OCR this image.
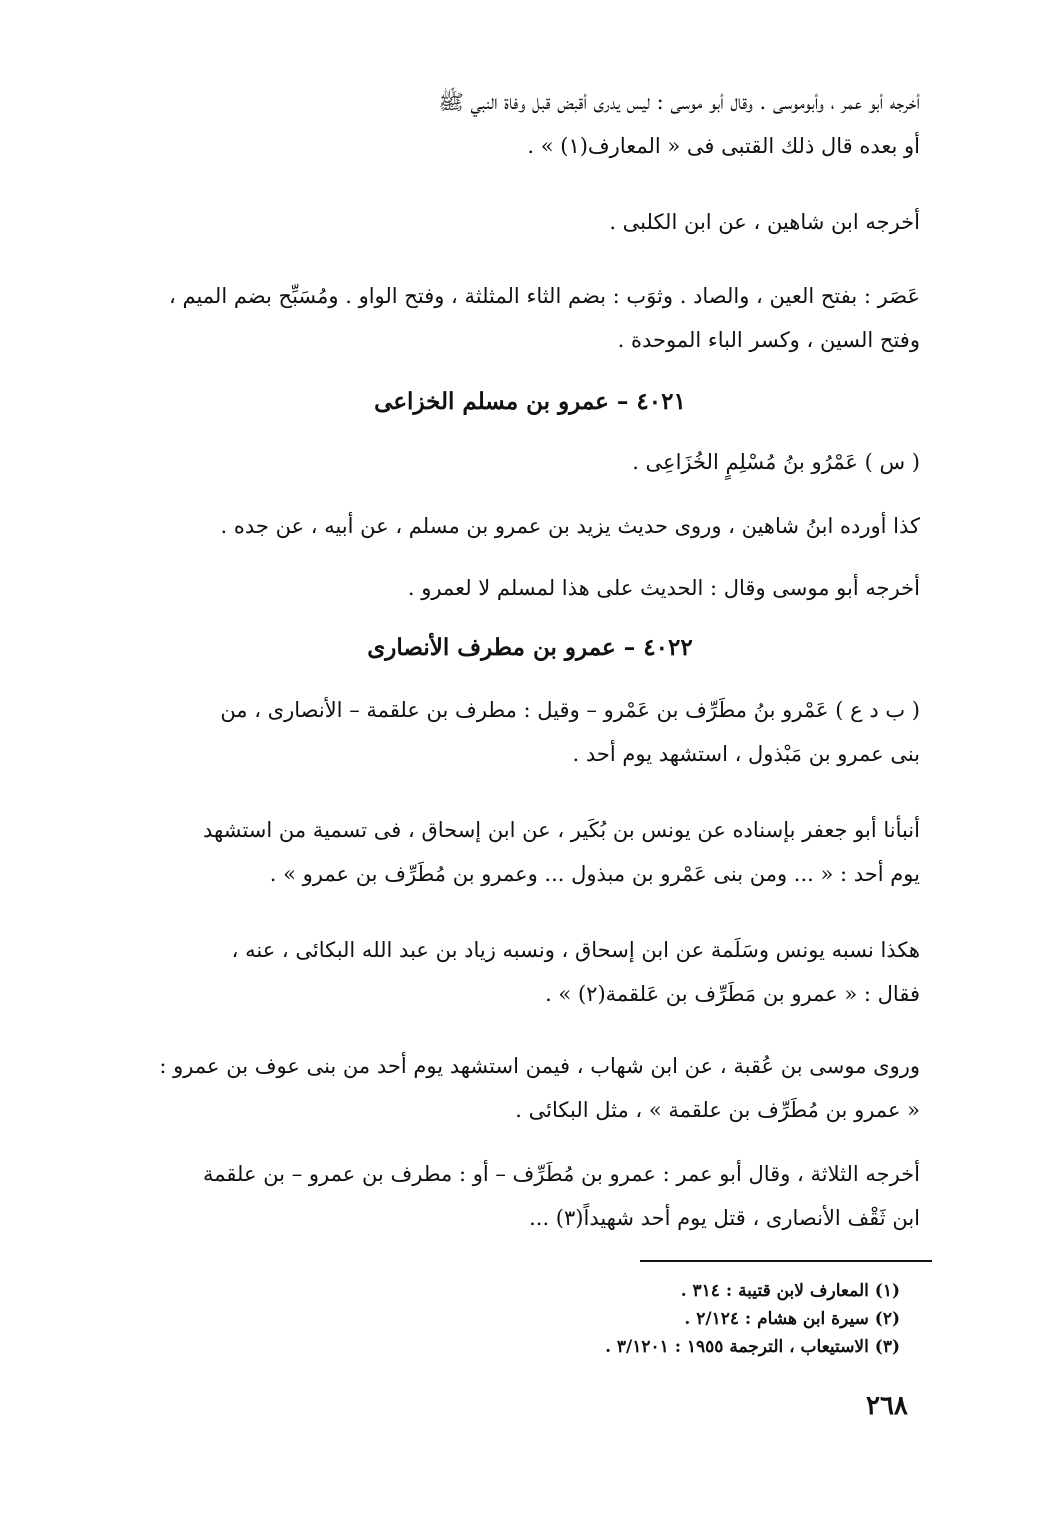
أخرجه أبو عمر ، وأبوموسى . وقال أبو موسى : ليس يدرى أقبض قبل وفاة النبي ﷺ
أو بعده قال ذلك القتبى فى « المعارف(١) » .
أخرجه ابن شاهين ، عن ابن الكلبى .
عَصَر : بفتح العين ، والصاد . وثوَب : بضم الثاء المثلثة ، وفتح الواو . ومُسَبِّح بضم الميم ،
وفتح السين ، وكسر الباء الموحدة .
٤٠٢١ – عمرو بن مسلم الخزاعى
( س ) عَمْرُو بنُ مُسْلِمٍ الخُزَاعِى .
كذا أورده ابنُ شاهين ، وروى حديث يزيد بن عمرو بن مسلم ، عن أبيه ، عن جده .
أخرجه أبو موسى وقال : الحديث على هذا لمسلم لا لعمرو .
٤٠٢٢ – عمرو بن مطرف الأنصارى
( ب د ع ) عَمْرو بنُ مطَرِّف بن عَمْرو – وقيل : مطرف بن علقمة – الأنصارى ، من
بنى عمرو بن مَبْذول ، استشهد يوم أحد .
أنبأنا أبو جعفر بإسناده عن يونس بن بُكَير ، عن ابن إسحاق ، فى تسمية من استشهد
يوم أحد : « ... ومن بنى عَمْرو بن مبذول ... وعمرو بن مُطَرِّف بن عمرو » .
هكذا نسبه يونس وسَلَمة عن ابن إسحاق ، ونسبه زياد بن عبد الله البكائى ، عنه ،
فقال : « عمرو بن مَطَرِّف بن عَلقمة(٢) » .
وروى موسى بن عُقبة ، عن ابن شهاب ، فيمن استشهد يوم أحد من بنى عوف بن عمرو :
« عمرو بن مُطَرِّف بن علقمة » ، مثل البكائى .
أخرجه الثلاثة ، وقال أبو عمر : عمرو بن مُطَرِّف – أو : مطرف بن عمرو – بن علقمة
ابن ثَقْف الأنصارى ، قتل يوم أحد شهيداً(٣) ...
(١) المعارف لابن قتيبة : ٣١٤ .
(٢) سيرة ابن هشام : ٢/١٢٤ .
(٣) الاستيعاب ، الترجمة ١٩٥٥ : ٣/١٢٠١ .
٢٦٨
